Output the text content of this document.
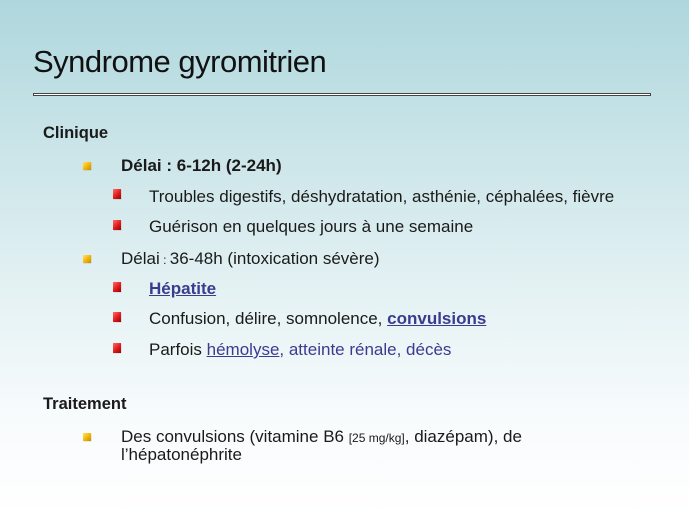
Syndrome gyromitrien
Clinique
Délai : 6-12h (2-24h)
Troubles digestifs, déshydratation, asthénie, céphalées, fièvre
Guérison en quelques jours à une semaine
Délai : 36-48h (intoxication sévère)
Hépatite
Confusion, délire, somnolence, convulsions
Parfois hémolyse, atteinte rénale, décès
Traitement
Des convulsions (vitamine B6 [25 mg/kg], diazépam), de
l’hépatonéphrite
